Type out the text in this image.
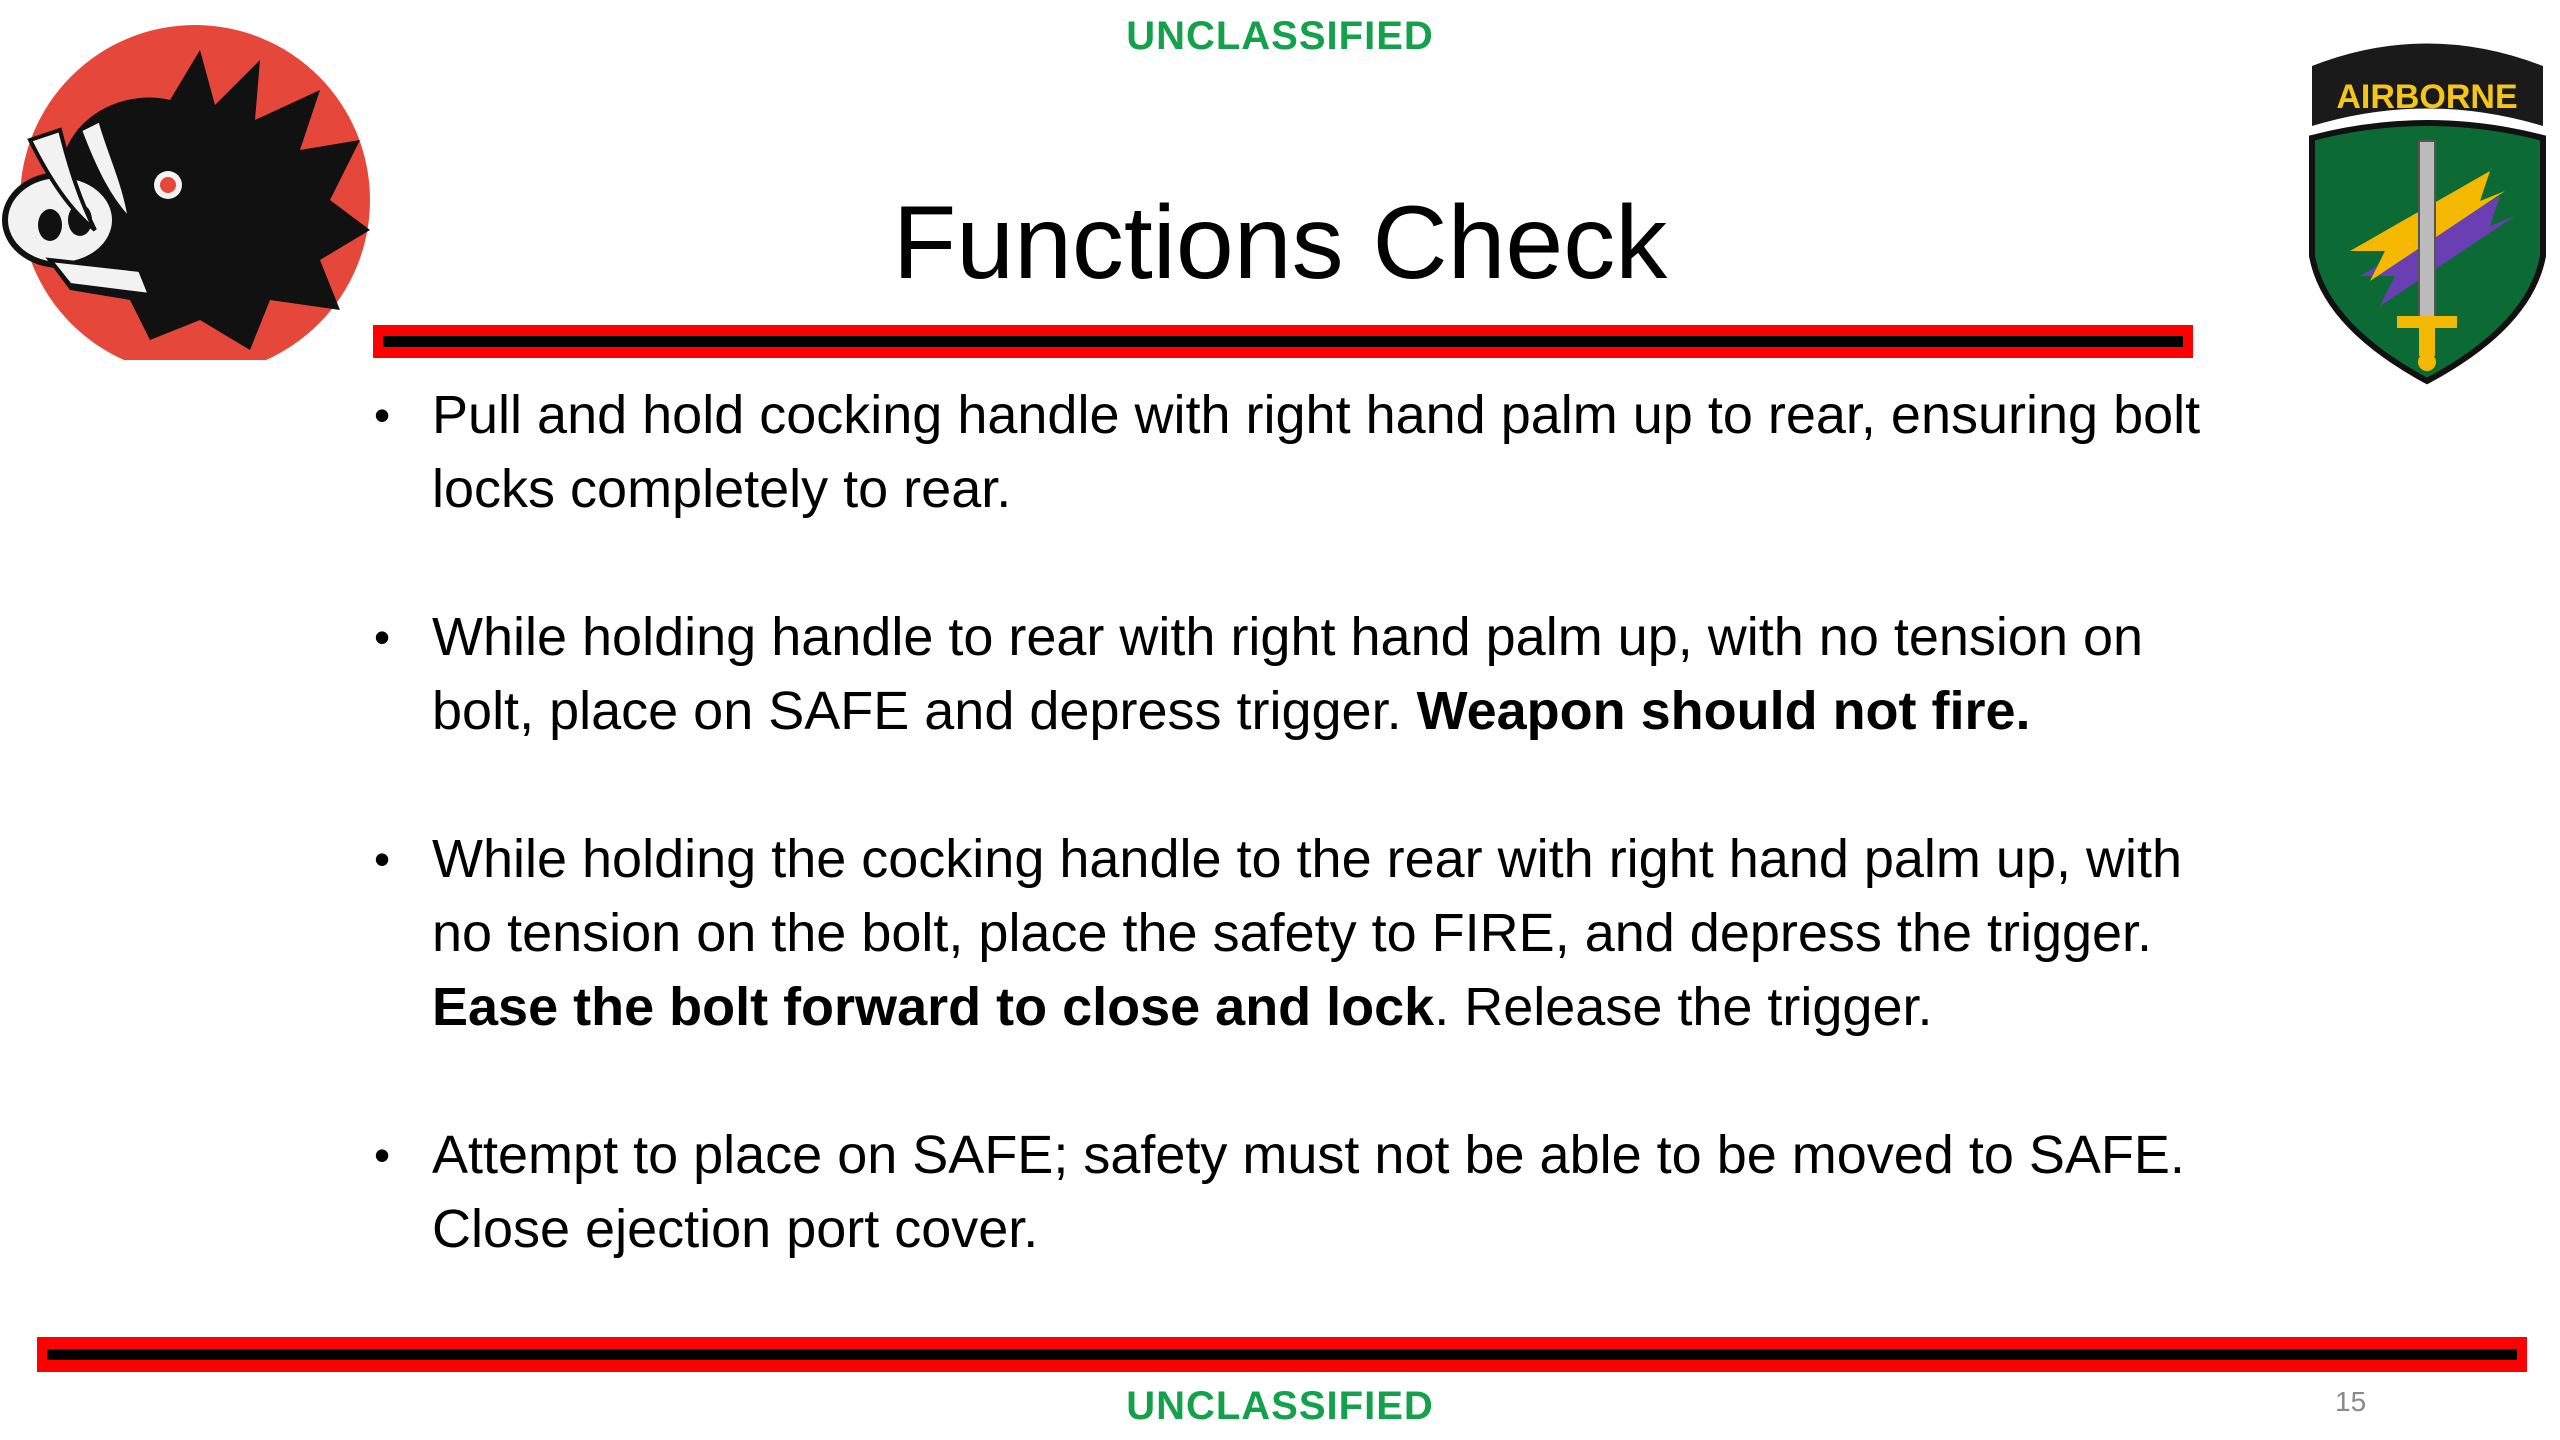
UNCLASSIFIED
AIRBORNE
Functions Check
• Pull and hold cocking handle with right hand palm up to rear, ensuring bolt locks completely to rear.
• While holding handle to rear with right hand palm up, with no tension on bolt, place on SAFE and depress trigger. Weapon should not fire.
• While holding the cocking handle to the rear with right hand palm up, with no tension on the bolt, place the safety to FIRE, and depress the trigger. Ease the bolt forward to close and lock. Release the trigger.
• Attempt to place on SAFE; safety must not be able to be moved to SAFE. Close ejection port cover.
UNCLASSIFIED	15
